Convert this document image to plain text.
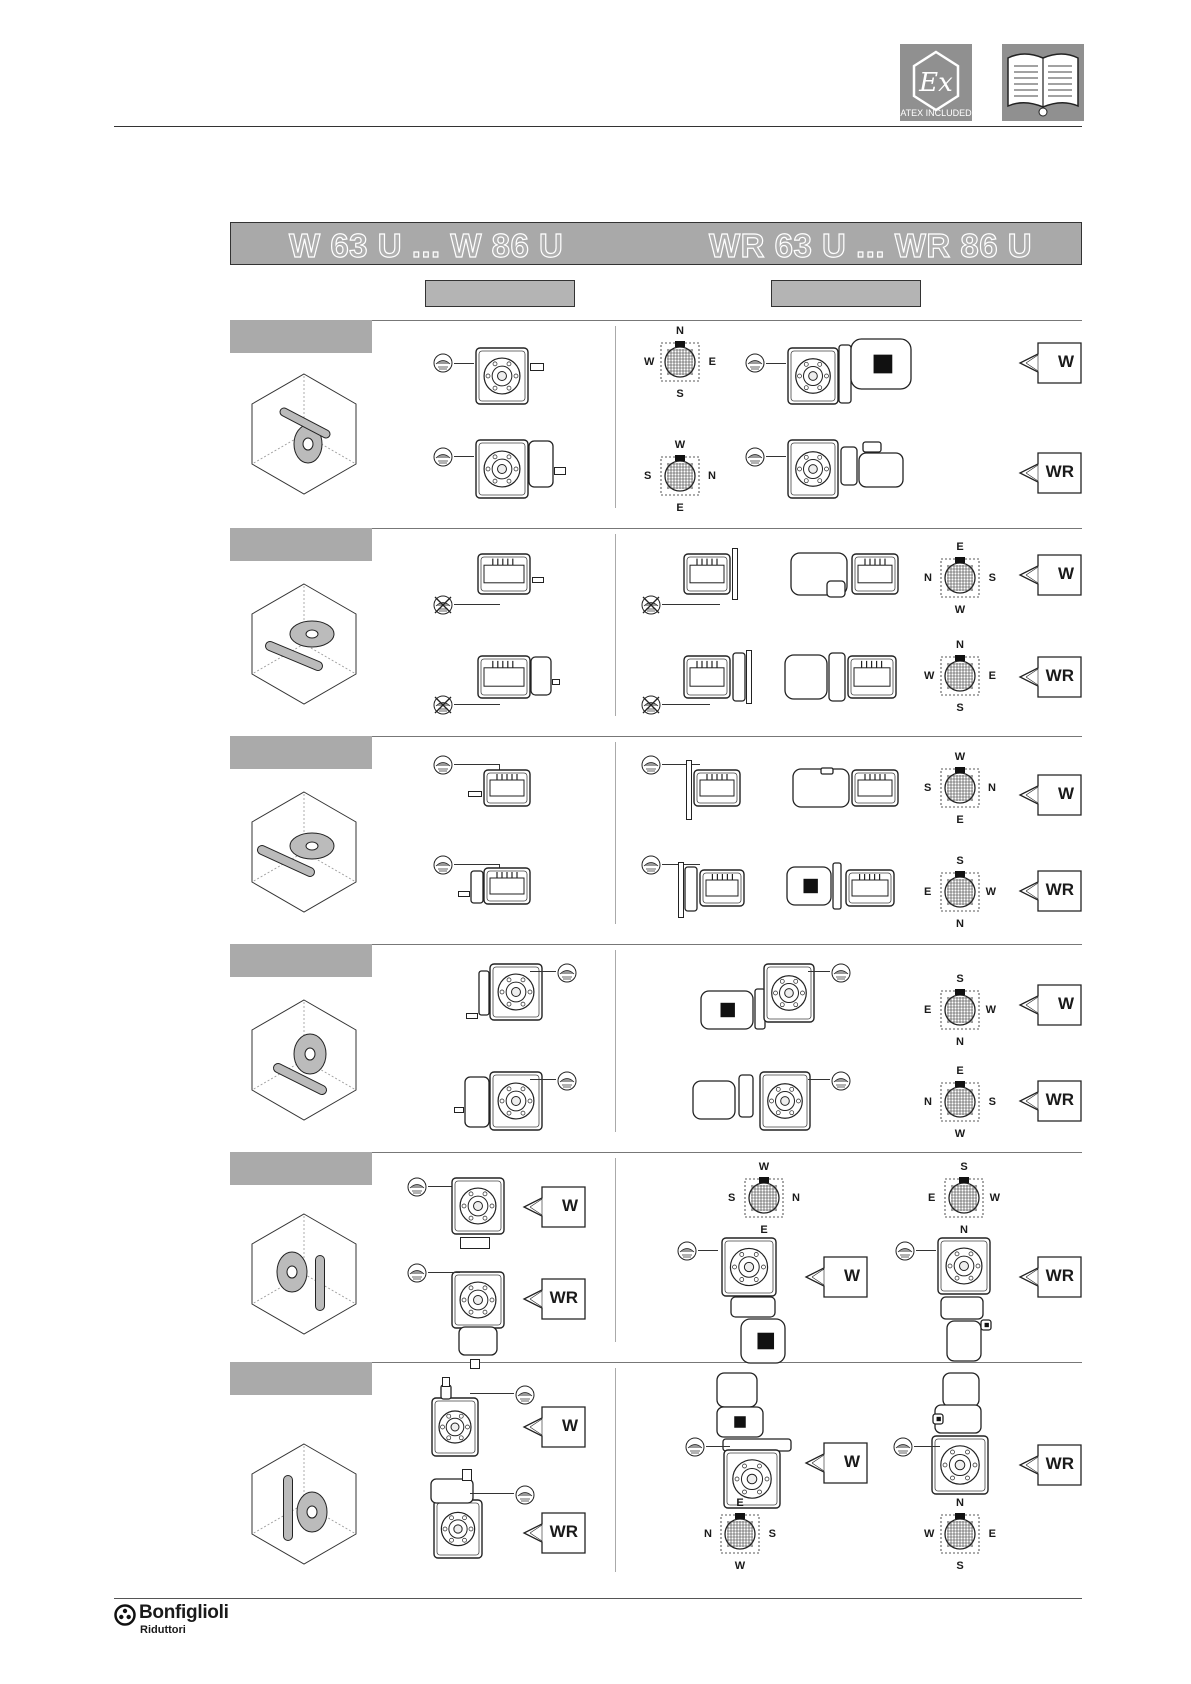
Ex
ATEX INCLUDED
W 63 U ... W 86 U	WR 63 U ... WR 86 U
N
S
W	E
W
E
S	N
W
WR
E
W
N	S
N
S
W	E
W
WR
W
E
S	N
S
N
E	W
W
WR
S
N
E	W
E
W
N	S
W
WR
W
WR
W
E
S	N
S
N
E	W
W	WR
W
WR
W	WR
E
W
N	S
N
S
W	E
Bonfiglioli
Riduttori
